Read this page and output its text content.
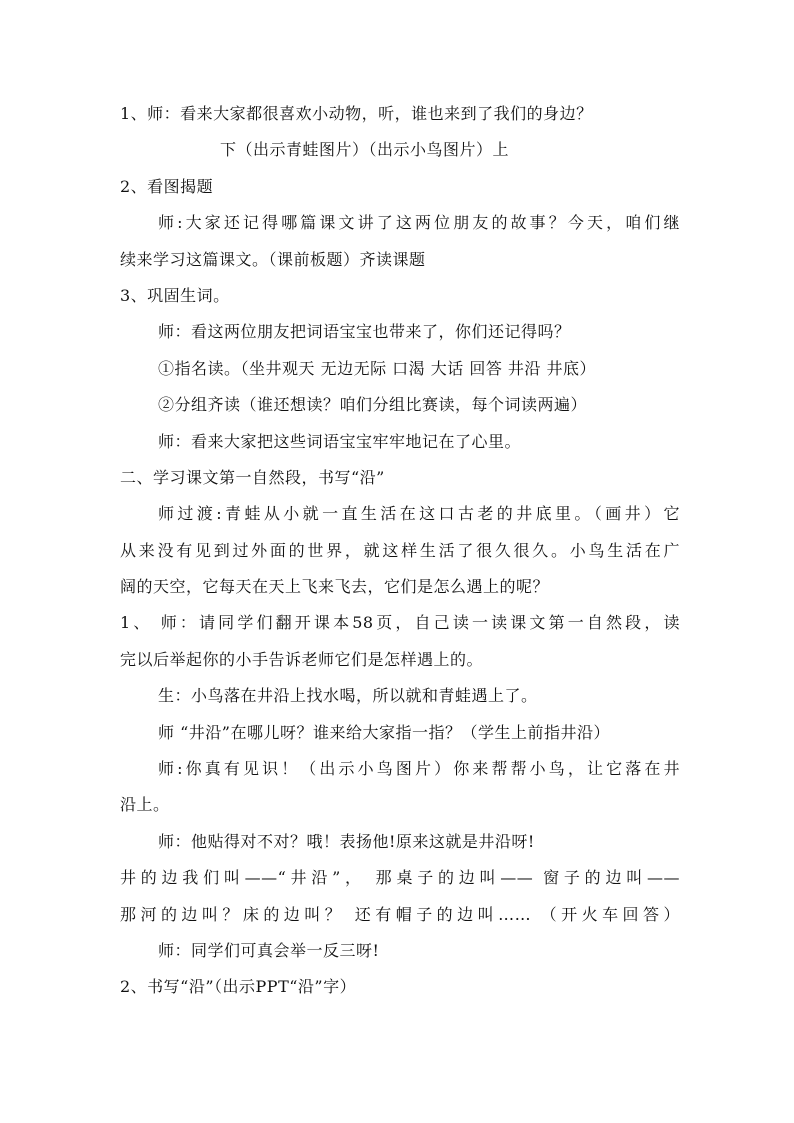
1、师：看来大家都很喜欢小动物，听，谁也来到了我们的身边？
下（出示青蛙图片）（出示小鸟图片）上
2、看图揭题
师:大家还记得哪篇课文讲了这两位朋友的故事？今天，咱们继
续来学习这篇课文。（课前板题）齐读课题
3、巩固生词。
师：看这两位朋友把词语宝宝也带来了，你们还记得吗？
①指名读。（坐井观天 无边无际 口渴 大话 回答 井沿 井底）
②分组齐读（谁还想读？咱们分组比赛读，每个词读两遍）
师：看来大家把这些词语宝宝牢牢地记在了心里。
二、学习课文第一自然段，书写“沿”
师过渡:青蛙从小就一直生活在这口古老的井底里。（画井）它
从来没有见到过外面的世界，就这样生活了很久很久。小鸟生活在广
阔的天空，它每天在天上飞来飞去，它们是怎么遇上的呢？
1、 师：请同学们翻开课本58页，自己读一读课文第一自然段，读
完以后举起你的小手告诉老师它们是怎样遇上的。
生：小鸟落在井沿上找水喝，所以就和青蛙遇上了。
师 “井沿”在哪儿呀？谁来给大家指一指？（学生上前指井沿）
师:你真有见识！（出示小鸟图片）你来帮帮小鸟，让它落在井
沿上。
师：他贴得对不对？哦！表扬他!原来这就是井沿呀!
井的边我们叫——“井沿”， 那桌子的边叫—— 窗子的边叫——
那河的边叫？床的边叫？ 还有帽子的边叫…… （开火车回答）
师：同学们可真会举一反三呀!
2、书写“沿”（出示PPT“沿”字）
